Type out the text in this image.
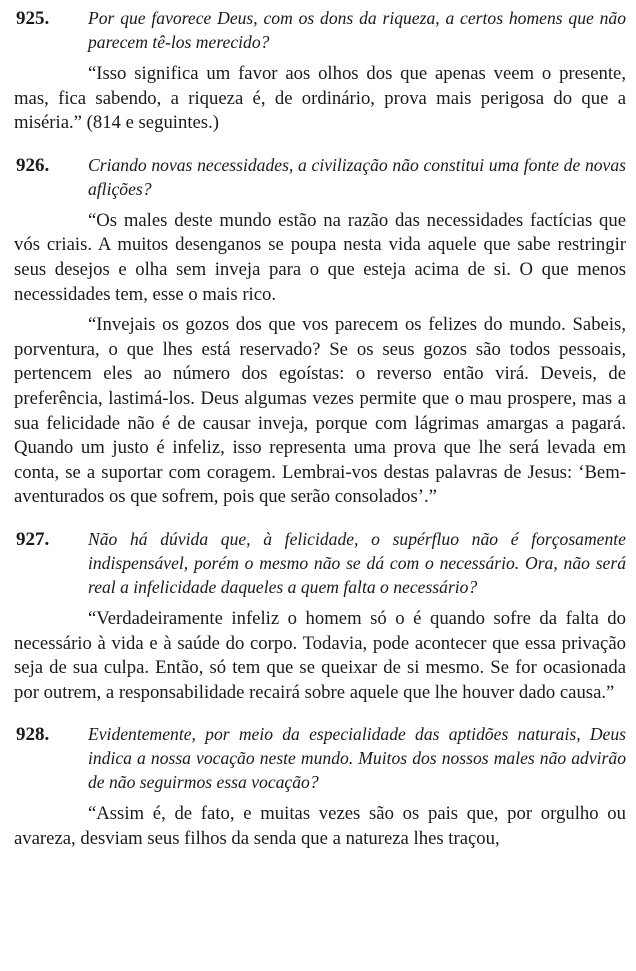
925.	Por que favorece Deus, com os dons da riqueza, a certos homens que não parecem tê-los merecido?

“Isso significa um favor aos olhos dos que apenas veem o presente, mas, fica sabendo, a riqueza é, de ordinário, prova mais perigosa do que a miséria.” (814 e seguintes.)

926.	Criando novas necessidades, a civilização não constitui uma fonte de novas aflições?

“Os males deste mundo estão na razão das necessidades factícias que vós criais. A muitos desenganos se poupa nesta vida aquele que sabe restringir seus desejos e olha sem inveja para o que esteja acima de si. O que menos necessidades tem, esse o mais rico.

“Invejais os gozos dos que vos parecem os felizes do mundo. Sabeis, porventura, o que lhes está reservado? Se os seus gozos são todos pessoais, pertencem eles ao número dos egoístas: o reverso então virá. Deveis, de preferência, lastimá-los. Deus algumas vezes permite que o mau prospere, mas a sua felicidade não é de causar inveja, porque com lágrimas amargas a pagará. Quando um justo é infeliz, isso representa uma prova que lhe será levada em conta, se a suportar com coragem. Lembrai-vos destas palavras de Jesus: ‘Bem-aventurados os que sofrem, pois que serão consolados’.”

927.	Não há dúvida que, à felicidade, o supérfluo não é forçosamente indispensável, porém o mesmo não se dá com o necessário. Ora, não será real a infelicidade daqueles a quem falta o necessário?

“Verdadeiramente infeliz o homem só o é quando sofre da falta do necessário à vida e à saúde do corpo. Todavia, pode acontecer que essa privação seja de sua culpa. Então, só tem que se queixar de si mesmo. Se for ocasionada por outrem, a responsabilidade recairá sobre aquele que lhe houver dado causa.”

928.	Evidentemente, por meio da especialidade das aptidões naturais, Deus indica a nossa vocação neste mundo. Muitos dos nossos males não advirão de não seguirmos essa vocação?

“Assim é, de fato, e muitas vezes são os pais que, por orgulho ou avareza, desviam seus filhos da senda que a natureza lhes traçou,
